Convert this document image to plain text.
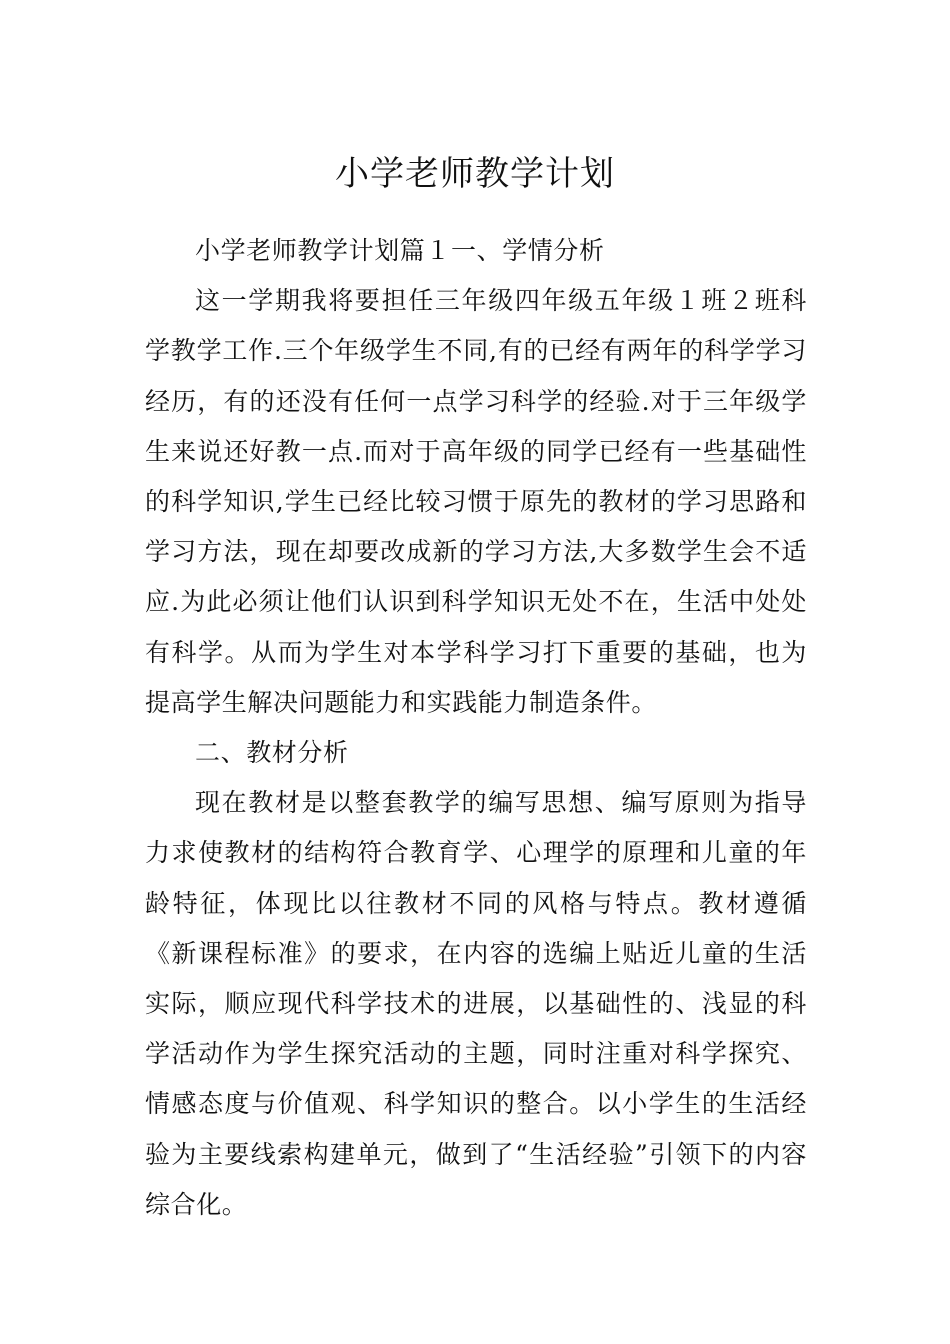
小学老师教学计划

小学老师教学计划篇１一、学情分析

这一学期我将要担任三年级四年级五年级１班２班科学教学工作.三个年级学生不同,有的已经有两年的科学学习经历，有的还没有任何一点学习科学的经验.对于三年级学生来说还好教一点.而对于高年级的同学已经有一些基础性的科学知识,学生已经比较习惯于原先的教材的学习思路和学习方法，现在却要改成新的学习方法,大多数学生会不适应.为此必须让他们认识到科学知识无处不在，生活中处处有科学。从而为学生对本学科学习打下重要的基础，也为提高学生解决问题能力和实践能力制造条件。

二、教材分析

现在教材是以整套教学的编写思想、编写原则为指导力求使教材的结构符合教育学、心理学的原理和儿童的年龄特征，体现比以往教材不同的风格与特点。教材遵循《新课程标准》的要求，在内容的选编上贴近儿童的生活实际，顺应现代科学技术的进展，以基础性的、浅显的科学活动作为学生探究活动的主题，同时注重对科学探究、情感态度与价值观、科学知识的整合。以小学生的生活经验为主要线索构建单元，做到了“生活经验”引领下的内容综合化。
